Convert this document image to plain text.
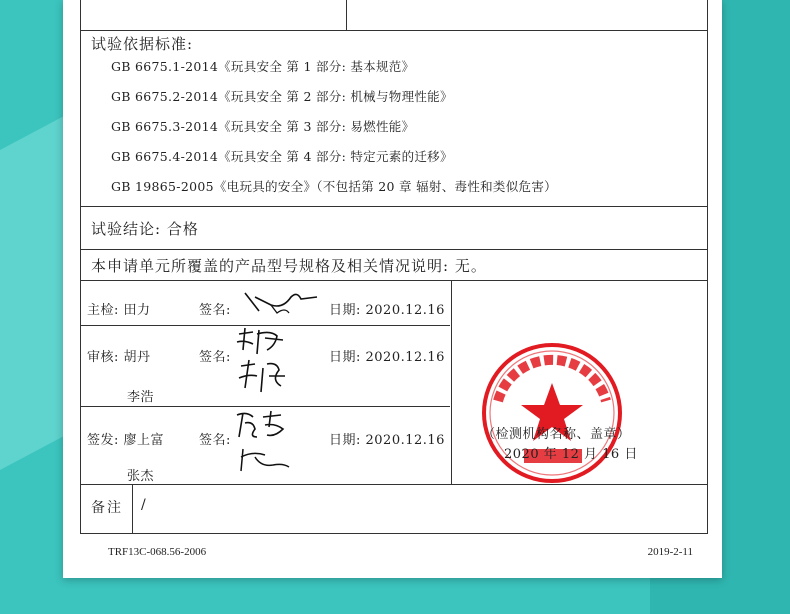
试验依据标准:
GB 6675.1-2014《玩具安全 第 1 部分: 基本规范》
GB 6675.2-2014《玩具安全 第 2 部分: 机械与物理性能》
GB 6675.3-2014《玩具安全 第 3 部分: 易燃性能》
GB 6675.4-2014《玩具安全 第 4 部分: 特定元素的迁移》
GB 19865-2005《电玩具的安全》（不包括第 20 章 辐射、毒性和类似危害）
试验结论: 合格
本申请单元所覆盖的产品型号规格及相关情况说明: 无。
主检: 田力	签名:	日期: 2020.12.16
审核: 胡丹	签名:	日期: 2020.12.16
李浩
签发: 廖上富	签名:	日期: 2020.12.16
张杰
（检测机构名称、盖章）
2020 年 12 月 16 日
备注 /
TRF13C-068.56-2006	2019-2-11
